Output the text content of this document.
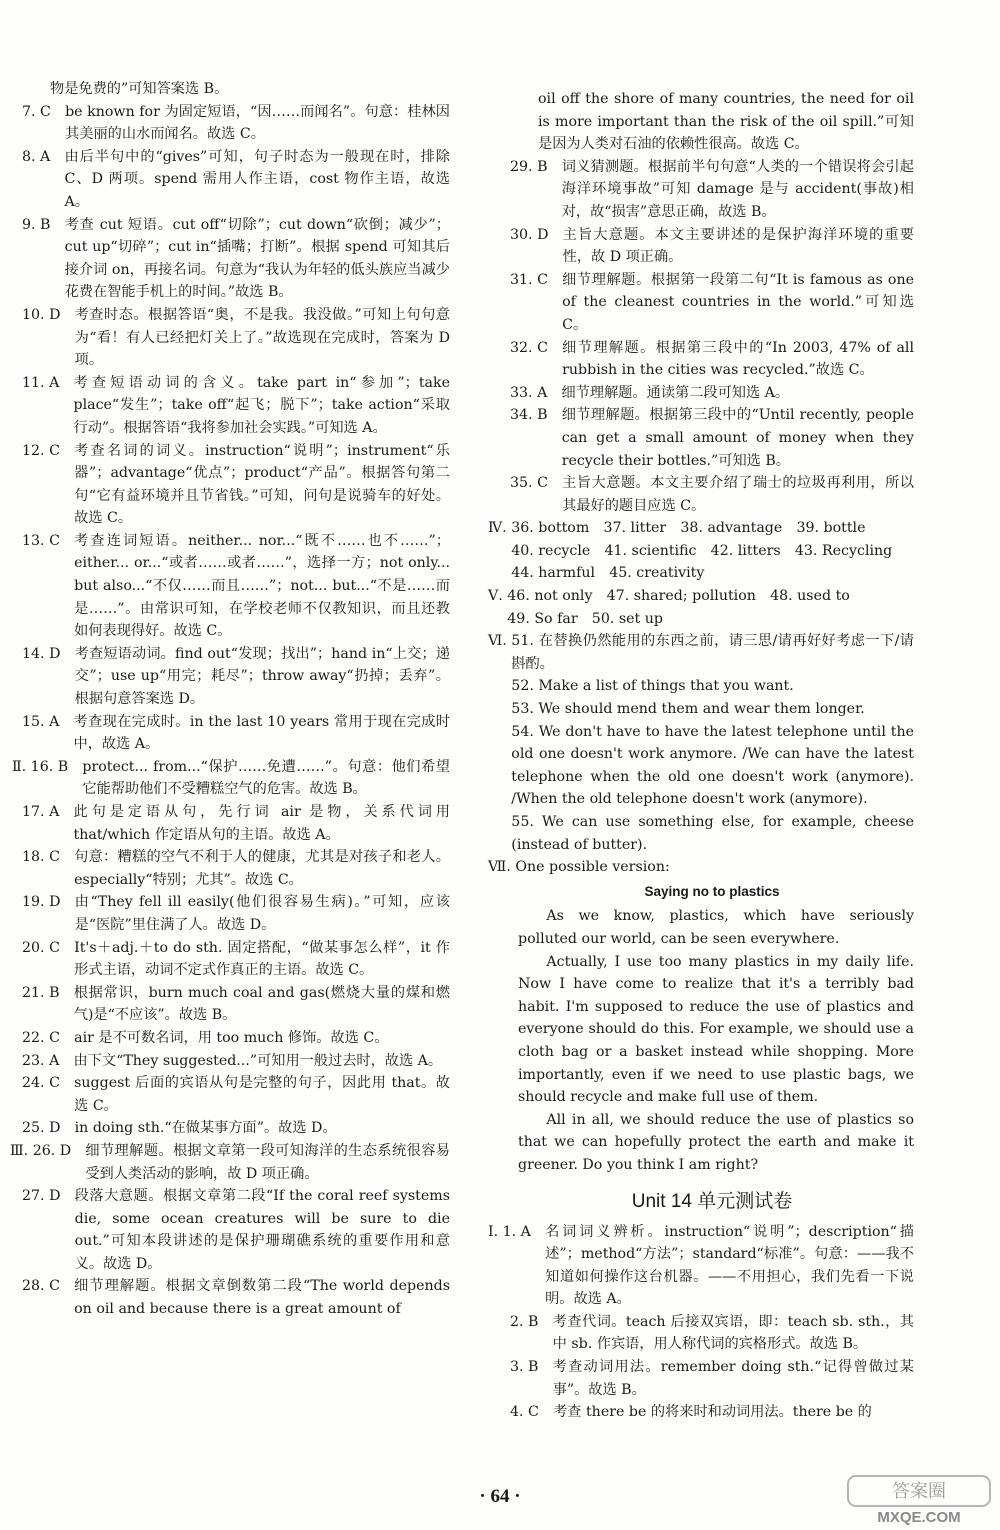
物是免费的”可知答案选 B。
7. C　 be known for 为固定短语，“因……而闻名”。句意：桂林因其美丽的山水而闻名。故选 C。
8. A　 由后半句中的“gives”可知，句子时态为一般现在时，排除 C、D 两项。spend 需用人作主语，cost 物作主语，故选 A。
9. B　 考查 cut 短语。cut off“切除”；cut down“砍倒；减少”；cut up“切碎”；cut in“插嘴；打断”。根据 spend 可知其后接介词 on，再接名词。句意为“我认为年轻的低头族应当减少花费在智能手机上的时间。”故选 B。
10. D　 考查时态。根据答语“奥，不是我。我没做。”可知上句句意为“看！有人已经把灯关上了。”故选现在完成时，答案为 D 项。
11. A　 考查短语动词的含义。take part in“参加”；take place“发生”；take off“起飞；脱下”；take action“采取行动”。根据答语“我将参加社会实践。”可知选 A。
12. C　 考查名词的词义。instruction“说明”；instrument“乐器”；advantage“优点”；product“产品”。根据答句第二句“它有益环境并且节省钱。”可知，问句是说骑车的好处。故选 C。
13. C　 考查连词短语。neither... nor...“既不……也不……”；either... or...“或者……或者……”，选择一方；not only... but also...“不仅……而且……”；not... but...“不是……而是……”。由常识可知，在学校老师不仅教知识，而且还教如何表现得好。故选 C。
14. D　 考查短语动词。find out“发现；找出”；hand in“上交；递交”；use up“用完；耗尽”；throw away“扔掉；丢弃”。根据句意答案选 D。
15. A　 考查现在完成时。in the last 10 years 常用于现在完成时中，故选 A。
Ⅱ. 16. B　 protect... from...“保护……免遭……”。句意：他们希望它能帮助他们不受糟糕空气的危害。故选 B。
17. A　 此句是定语从句，先行词 air 是物，关系代词用 that/which 作定语从句的主语。故选 A。
18. C　 句意：糟糕的空气不利于人的健康，尤其是对孩子和老人。especially“特别；尤其”。故选 C。
19. D　 由“They fell ill easily(他们很容易生病)。”可知，应该是“医院”里住满了人。故选 D。
20. C　 It's＋adj.＋to do sth. 固定搭配，“做某事怎么样”，it 作形式主语，动词不定式作真正的主语。故选 C。
21. B　 根据常识，burn much coal and gas(燃烧大量的煤和燃气)是“不应该”。故选 B。
22. C　 air 是不可数名词，用 too much 修饰。故选 C。
23. A　 由下文“They suggested...”可知用一般过去时，故选 A。
24. C　 suggest 后面的宾语从句是完整的句子，因此用 that。故选 C。
25. D　 in doing sth.“在做某事方面”。故选 D。
Ⅲ. 26. D　 细节理解题。根据文章第一段可知海洋的生态系统很容易受到人类活动的影响，故 D 项正确。
27. D　 段落大意题。根据文章第二段“If the coral reef systems die, some ocean creatures will be sure to die out.”可知本段讲述的是保护珊瑚礁系统的重要作用和意义。故选 D。
28. C　 细节理解题。根据文章倒数第二段“The world depends on oil and because there is a great amount of
oil off the shore of many countries, the need for oil is more important than the risk of the oil spill.”可知是因为人类对石油的依赖性很高。故选 C。
29. B　 词义猜测题。根据前半句句意“人类的一个错误将会引起海洋环境事故”可知 damage 是与 accident(事故)相对，故“损害”意思正确，故选 B。
30. D　 主旨大意题。本文主要讲述的是保护海洋环境的重要性，故 D 项正确。
31. C　 细节理解题。根据第一段第二句“It is famous as one of the cleanest countries in the world.”可知选 C。
32. C　 细节理解题。根据第三段中的“In 2003, 47% of all rubbish in the cities was recycled.”故选 C。
33. A　 细节理解题。通读第二段可知选 A。
34. B　 细节理解题。根据第三段中的“Until recently, people can get a small amount of money when they recycle their bottles.”可知选 B。
35. C　 主旨大意题。本文主要介绍了瑞士的垃圾再利用，所以其最好的题目应选 C。
Ⅳ. 36. bottom　37. litter　38. advantage　39. bottle
40. recycle　41. scientific　42. litters　43. Recycling
44. harmful　45. creativity
Ⅴ. 46. not only　47. shared; pollution　48. used to
49. So far　50. set up
Ⅵ. 51. 在替换仍然能用的东西之前，请三思/请再好好考虑一下/请斟酌。
52. Make a list of things that you want.
53. We should mend them and wear them longer.
54. We don't have to have the latest telephone until the old one doesn't work anymore. /We can have the latest telephone when the old one doesn't work (anymore). /When the old telephone doesn't work (anymore).
55. We can use something else, for example, cheese (instead of butter).
Ⅶ. One possible version:
Saying no to plastics
As we know, plastics, which have seriously polluted our world, can be seen everywhere.
Actually, I use too many plastics in my daily life. Now I have come to realize that it's a terribly bad habit. I'm supposed to reduce the use of plastics and everyone should do this. For example, we should use a cloth bag or a basket instead while shopping. More importantly, even if we need to use plastic bags, we should recycle and make full use of them.
All in all, we should reduce the use of plastics so that we can hopefully protect the earth and make it greener. Do you think I am right?
Unit 14 单元测试卷
Ⅰ. 1. A　 名词词义辨析。instruction“说明”；description“描述”；method“方法”；standard“标准”。句意：——我不知道如何操作这台机器。——不用担心，我们先看一下说明。故选 A。
2. B　 考查代词。teach 后接双宾语，即：teach sb. sth.，其中 sb. 作宾语，用人称代词的宾格形式。故选 B。
3. B　 考查动词用法。remember doing sth.“记得曾做过某事”。故选 B。
4. C　 考查 there be 的将来时和动词用法。there be 的
· 64 ·	答案圈
MXQE.COM
